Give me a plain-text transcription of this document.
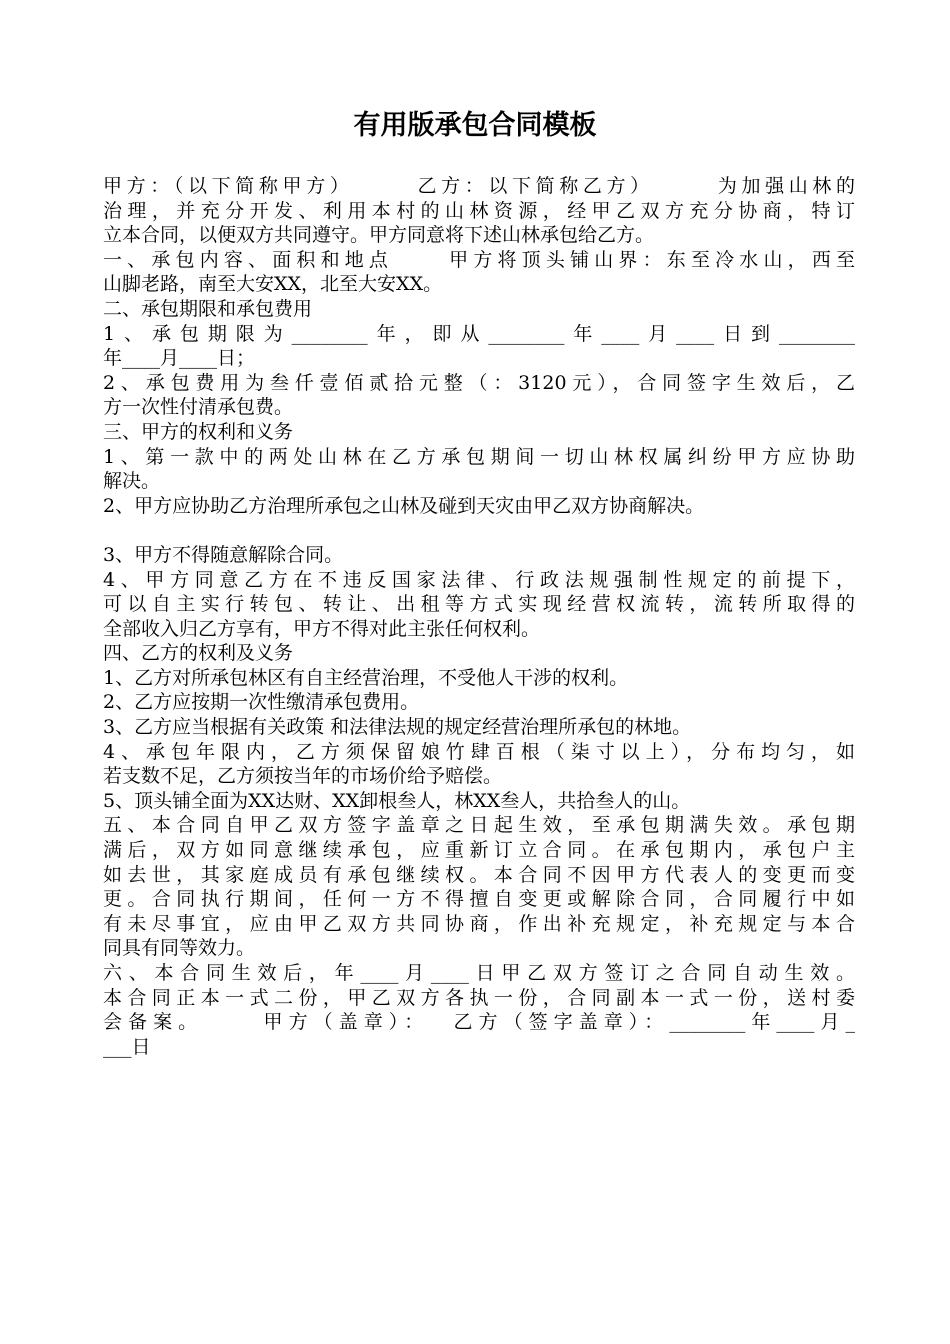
有用版承包合同模板
甲方：（以下简称甲方）      乙方：以下简称乙方）      为加强山林的
治理，并充分开发、利用本村的山林资源，经甲乙双方充分协商，特订
立本合同，以便双方共同遵守。甲方同意将下述山林承包给乙方。
一、承包内容、面积和地点     甲方将顶头铺山界：东至冷水山，西至
山脚老路，南至大安XX，北至大安XX。
二、承包期限和承包费用
1、承包期限为________年，即从________年____月____日到________
年____月____日；
2、承包费用为叁仟壹佰贰拾元整（：3120元），合同签字生效后，乙
方一次性付清承包费。
三、甲方的权利和义务
1、第一款中的两处山林在乙方承包期间一切山林权属纠纷甲方应协助
解决。
2、甲方应协助乙方治理所承包之山林及碰到天灾由甲乙双方协商解决。
3、甲方不得随意解除合同。
4、甲方同意乙方在不违反国家法律、行政法规强制性规定的前提下，
可以自主实行转包、转让、出租等方式实现经营权流转，流转所取得的
全部收入归乙方享有，甲方不得对此主张任何权利。
四、乙方的权利及义务
1、乙方对所承包林区有自主经营治理，不受他人干涉的权利。
2、乙方应按期一次性缴清承包费用。
3、乙方应当根据有关政策 和法律法规的规定经营治理所承包的林地。
4、承包年限内，乙方须保留娘竹肆百根（柒寸以上），分布均匀，如
若支数不足，乙方须按当年的市场价给予赔偿。
5、顶头铺全面为XX达财、XX卸根叁人，林XX叁人，共拾叁人的山。
五、本合同自甲乙双方签字盖章之日起生效，至承包期满失效。承包期
满后，双方如同意继续承包，应重新订立合同。在承包期内，承包户主
如去世，其家庭成员有承包继续权。本合同不因甲方代表人的变更而变
更。合同执行期间，任何一方不得擅自变更或解除合同，合同履行中如
有未尽事宜，应由甲乙双方共同协商，作出补充规定，补充规定与本合
同具有同等效力。
六、本合同生效后，年____月____日甲乙双方签订之合同自动生效。
本合同正本一式二份，甲乙双方各执一份，合同副本一式一份，送村委
会备案。     甲方（盖章）：  乙方（签字盖章）：________年____月_
___日
